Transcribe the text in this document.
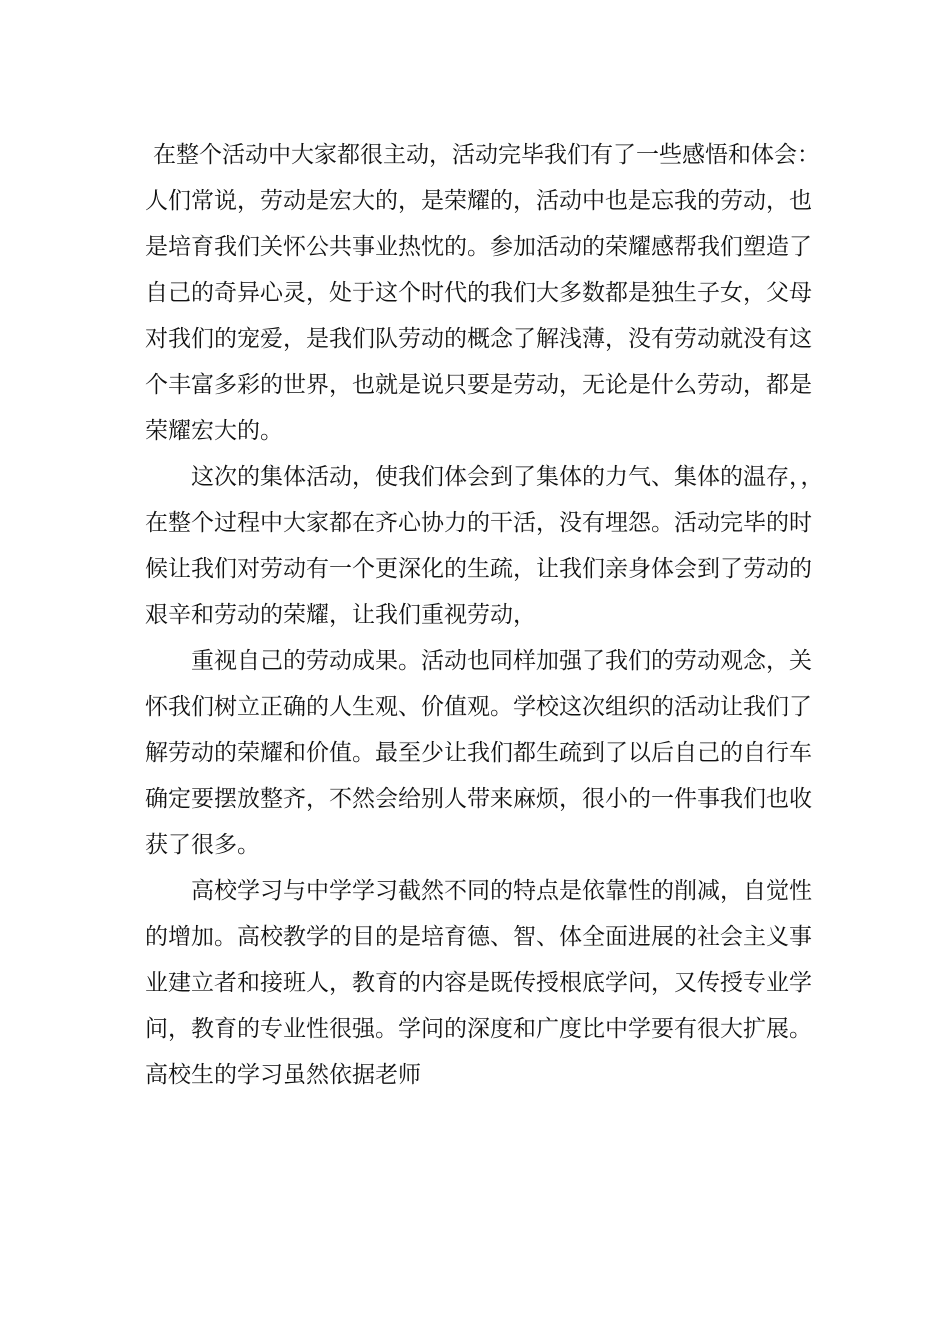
在整个活动中大家都很主动，活动完毕我们有了一些感悟和体会：
人们常说，劳动是宏大的，是荣耀的，活动中也是忘我的劳动，也
是培育我们关怀公共事业热忱的。参加活动的荣耀感帮我们塑造了
自己的奇异心灵，处于这个时代的我们大多数都是独生子女，父母
对我们的宠爱，是我们队劳动的概念了解浅薄，没有劳动就没有这
个丰富多彩的世界，也就是说只要是劳动，无论是什么劳动，都是
荣耀宏大的。
这次的集体活动，使我们体会到了集体的力气、集体的温存，，
在整个过程中大家都在齐心协力的干活，没有埋怨。活动完毕的时
候让我们对劳动有一个更深化的生疏，让我们亲身体会到了劳动的
艰辛和劳动的荣耀，让我们重视劳动，
重视自己的劳动成果。活动也同样加强了我们的劳动观念，关
怀我们树立正确的人生观、价值观。学校这次组织的活动让我们了
解劳动的荣耀和价值。最至少让我们都生疏到了以后自己的自行车
确定要摆放整齐，不然会给别人带来麻烦，很小的一件事我们也收
获了很多。
高校学习与中学学习截然不同的特点是依靠性的削减，自觉性
的增加。高校教学的目的是培育德、智、体全面进展的社会主义事
业建立者和接班人，教育的内容是既传授根底学问，又传授专业学
问，教育的专业性很强。学问的深度和广度比中学要有很大扩展。
高校生的学习虽然依据老师
